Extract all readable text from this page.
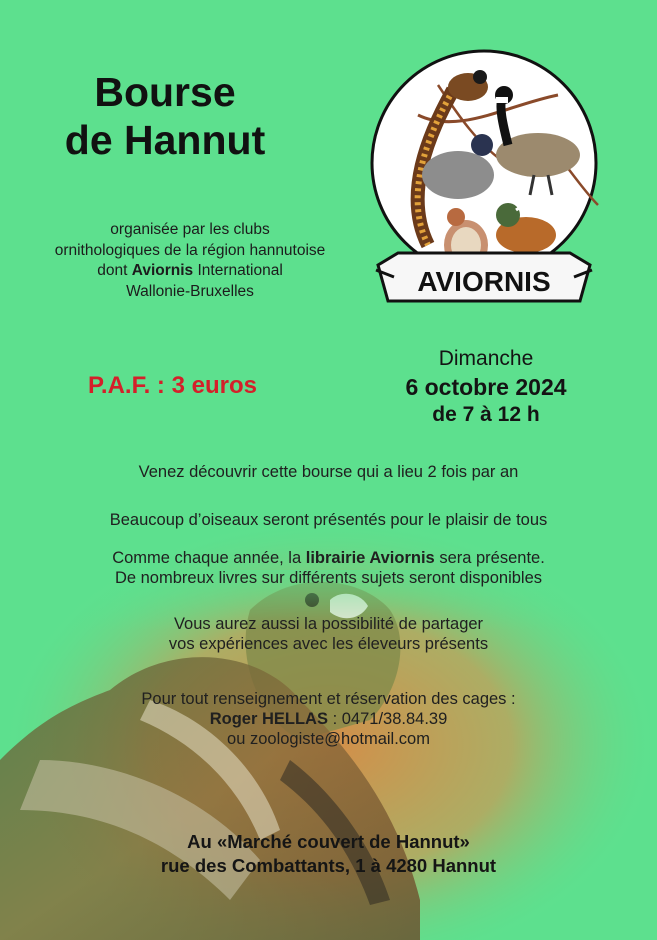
Bourse
de Hannut
organisée par les clubs
ornithologiques de la région hannutoise
dont Aviornis International
Wallonie-Bruxelles	AVIORNIS
P.A.F. : 3 euros
Dimanche
6 octobre 2024
de 7 à 12 h
Venez découvrir cette bourse qui a lieu 2 fois par an
Beaucoup d’oiseaux seront présentés pour le plaisir de tous
Comme chaque année, la librairie Aviornis sera présente.
De nombreux livres sur différents sujets seront disponibles
Vous aurez aussi la possibilité de partager
vos expériences avec les éleveurs présents
Pour tout renseignement et réservation des cages :
Roger HELLAS : 0471/38.84.39
ou zoologiste@hotmail.com
Au «Marché couvert de Hannut»
rue des Combattants, 1 à 4280 Hannut
